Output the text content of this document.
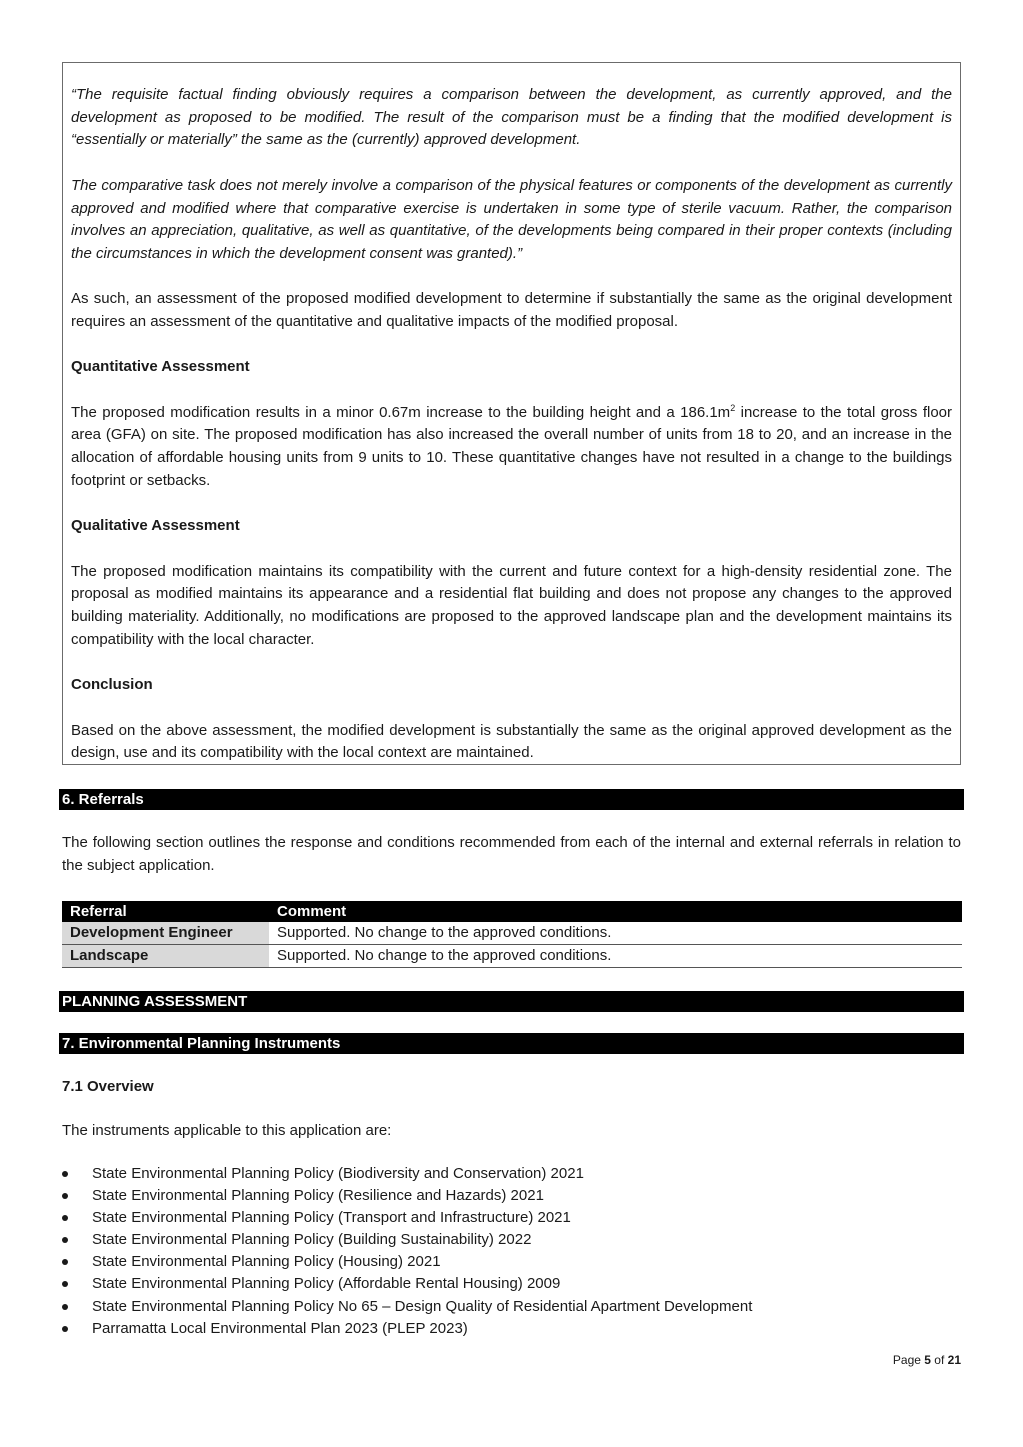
“The requisite factual finding obviously requires a comparison between the development, as currently approved, and the development as proposed to be modified. The result of the comparison must be a finding that the modified development is “essentially or materially” the same as the (currently) approved development.

The comparative task does not merely involve a comparison of the physical features or components of the development as currently approved and modified where that comparative exercise is undertaken in some type of sterile vacuum. Rather, the comparison involves an appreciation, qualitative, as well as quantitative, of the developments being compared in their proper contexts (including the circumstances in which the development consent was granted).”

As such, an assessment of the proposed modified development to determine if substantially the same as the original development requires an assessment of the quantitative and qualitative impacts of the modified proposal.

Quantitative Assessment

The proposed modification results in a minor 0.67m increase to the building height and a $186.1m^2$ increase to the total gross floor area (GFA) on site. The proposed modification has also increased the overall number of units from 18 to 20, and an increase in the allocation of affordable housing units from 9 units to 10. These quantitative changes have not resulted in a change to the buildings footprint or setbacks.

Qualitative Assessment

The proposed modification maintains its compatibility with the current and future context for a high-density residential zone. The proposal as modified maintains its appearance and a residential flat building and does not propose any changes to the approved building materiality. Additionally, no modifications are proposed to the approved landscape plan and the development maintains its compatibility with the local character.

Conclusion

Based on the above assessment, the modified development is substantially the same as the original approved development as the design, use and its compatibility with the local context are maintained.

6. Referrals

The following section outlines the response and conditions recommended from each of the internal and external referrals in relation to the subject application.

Referral	Comment
Development Engineer	Supported. No change to the approved conditions.
Landscape	Supported. No change to the approved conditions.
PLANNING ASSESSMENT
7. Environmental Planning Instruments

7.1 Overview

The instruments applicable to this application are:

State Environmental Planning Policy (Biodiversity and Conservation) 2021
State Environmental Planning Policy (Resilience and Hazards) 2021
State Environmental Planning Policy (Transport and Infrastructure) 2021
State Environmental Planning Policy (Building Sustainability) 2022
State Environmental Planning Policy (Housing) 2021
State Environmental Planning Policy (Affordable Rental Housing) 2009
State Environmental Planning Policy No 65 – Design Quality of Residential Apartment Development
Parramatta Local Environmental Plan 2023 (PLEP 2023)
Page 5 of 21
